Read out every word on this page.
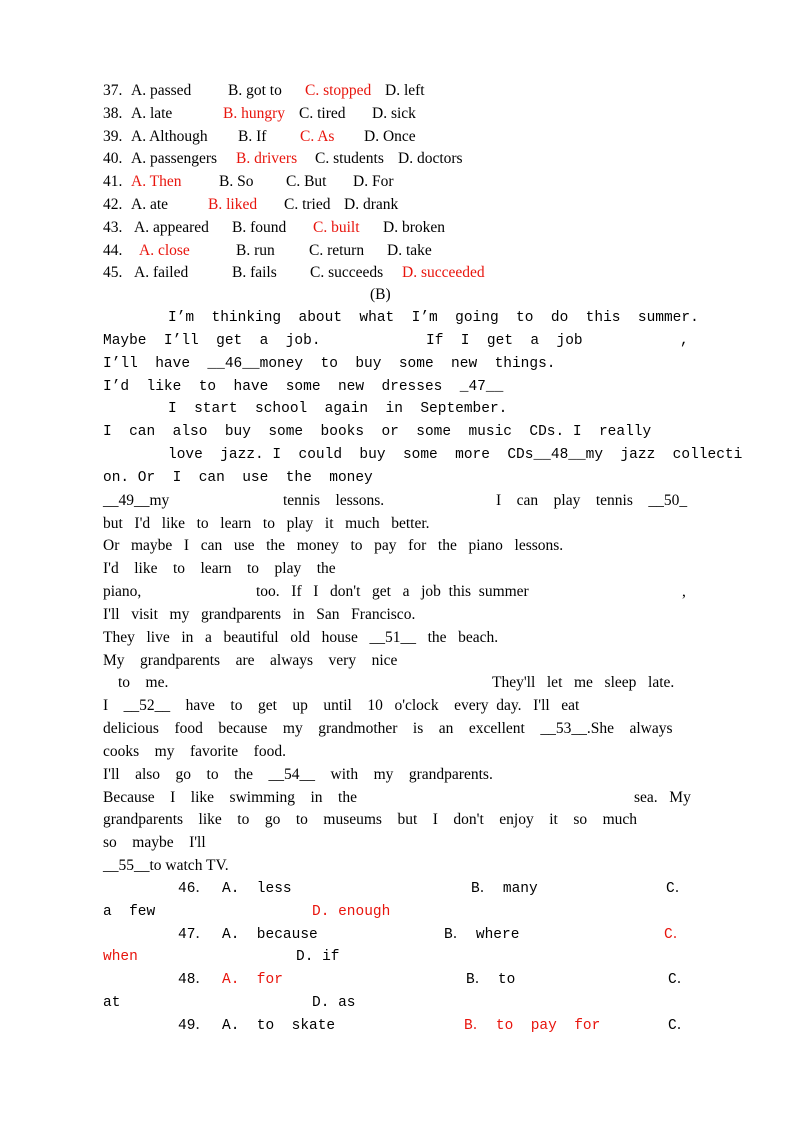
37. A. passed B. got to C. stopped D. left
38. A. late	B. hungry C. tired D. sick
39. A. Although B. If C. As D. Once
40. A. passengers B. drivers C. students D. doctors
41. A. Then B. So C. But D. For
42. A. ate	B. liked C. tried D. drank
43. A. appeared B. found C. built D. broken
44. A. close	B. run C. return D. take
45. A. failed	B. fails C. succeeds D. succeeded
(B)
I’m  thinking  about  what  I’m  going  to  do  this  summer.
Maybe  I’ll  get  a  job.	If  I  get  a  job	,
I’ll  have  __46__money  to  buy  some  new  things.
I’d  like  to  have  some  new  dresses  _47__
I  start  school  again  in  September.
I  can  also  buy  some  books  or  some  music  CDs. I  really
love  jazz. I  could  buy  some  more  CDs__48__my  jazz  collecti
on. Or  I  can  use  the  money
__49__my	tennis    lessons.	I    can    play    tennis    __50_
but   I'd   like   to   learn   to   play   it   much   better.
Or   maybe   I   can   use   the   money   to   pay   for   the   piano   lessons.
I'd    like    to    learn    to    play    the
piano,	too.   If   I   don't   get   a   job  this  summer	,
I'll   visit   my   grandparents   in   San   Francisco.
They   live   in   a   beautiful   old   house   __51__   the   beach.
My    grandparents    are    always    very    nice
to    me.	They'll   let   me   sleep   late.
I    __52__    have    to    get    up    until    10   o'clock    every  day.   I'll   eat
delicious    food    because    my    grandmother    is    an    excellent    __53__.She    always
cooks    my    favorite    food.
I'll    also    go    to    the    __54__    with    my    grandparents.
Because    I    like    swimming    in    the	sea.   My
grandparents    like    to    go    to    museums    but    I    don't    enjoy    it    so    much
so    maybe    I'll
__55__to watch TV.
46． A.  less	B． many	C．
a  few	D. enough
47． A.  because	B． where	C．
when	D. if
48． A.  for	B． to	C．
at	D. as
49． A.  to  skate	B． to  pay  for	C．
